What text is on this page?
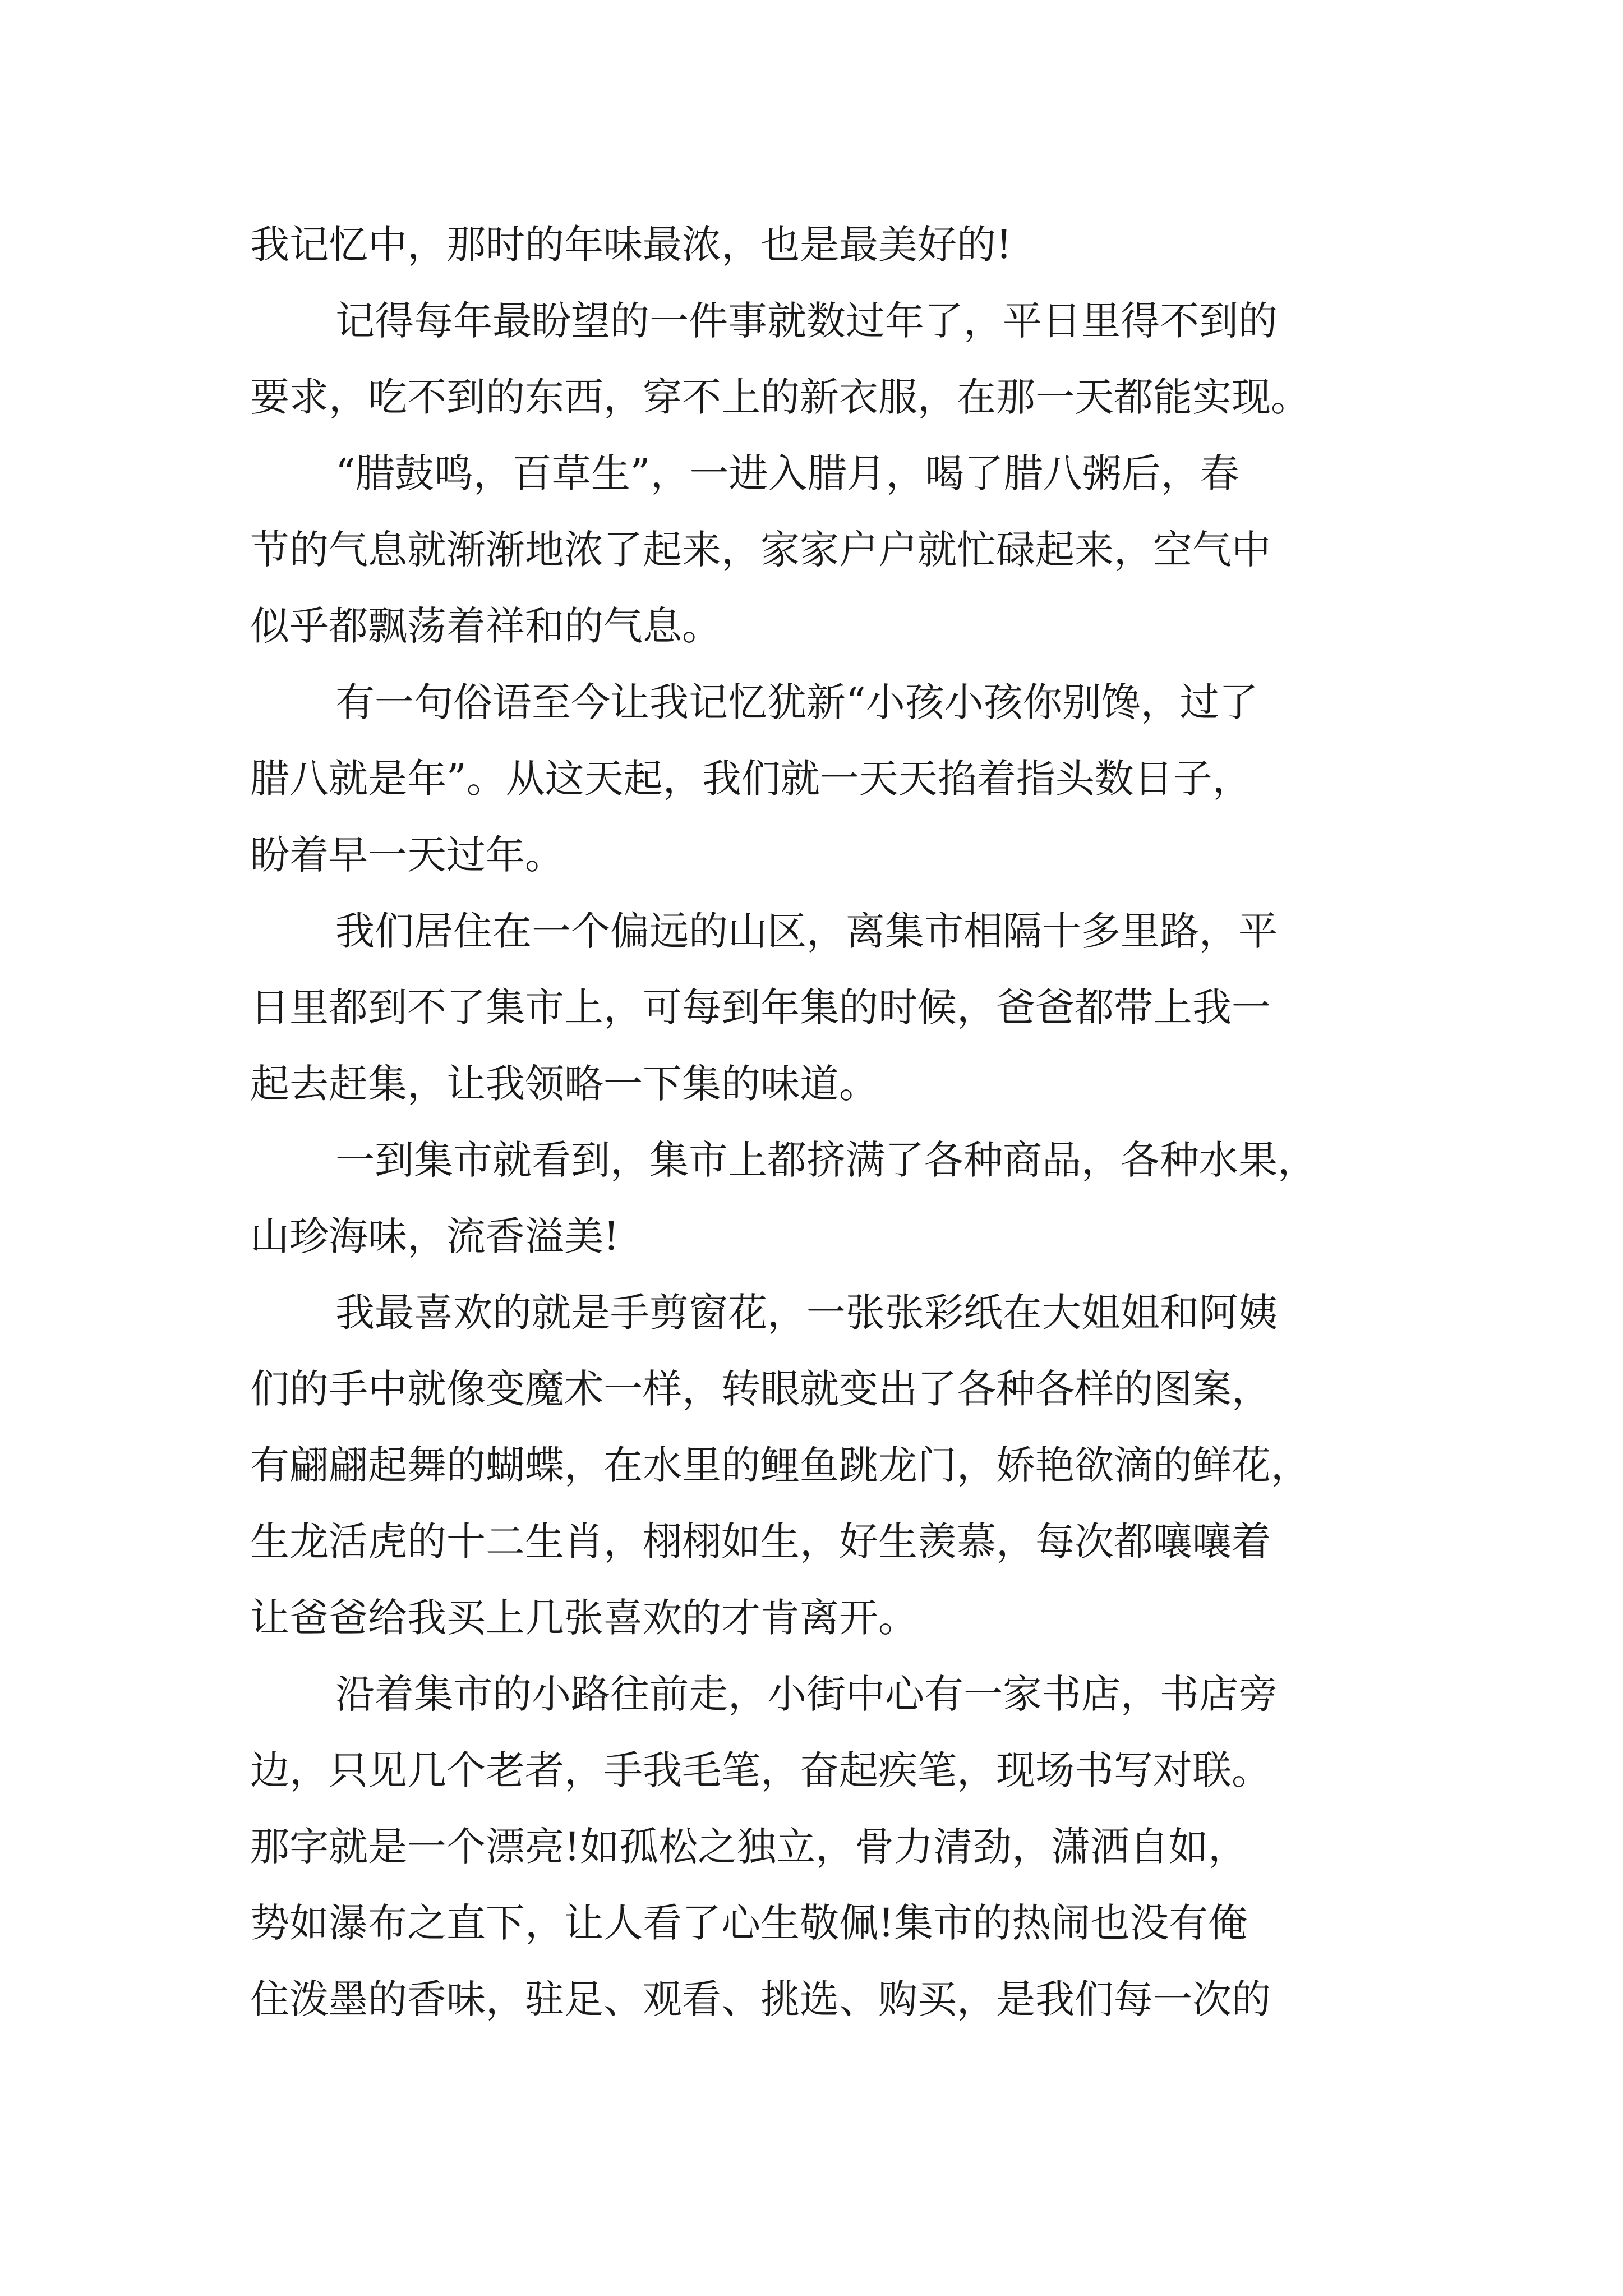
我记忆中，那时的年味最浓，也是最美好的!
记得每年最盼望的一件事就数过年了，平日里得不到的
要求，吃不到的东西，穿不上的新衣服，在那一天都能实现。
“腊鼓鸣，百草生”，一进入腊月，喝了腊八粥后，春
节的气息就渐渐地浓了起来，家家户户就忙碌起来，空气中
似乎都飘荡着祥和的气息。
有一句俗语至今让我记忆犹新“小孩小孩你别馋，过了
腊八就是年”。从这天起，我们就一天天掐着指头数日子，
盼着早一天过年。
我们居住在一个偏远的山区，离集市相隔十多里路，平
日里都到不了集市上，可每到年集的时候，爸爸都带上我一
起去赶集，让我领略一下集的味道。
一到集市就看到，集市上都挤满了各种商品，各种水果，
山珍海味，流香溢美!
我最喜欢的就是手剪窗花，一张张彩纸在大姐姐和阿姨
们的手中就像变魔术一样，转眼就变出了各种各样的图案，
有翩翩起舞的蝴蝶，在水里的鲤鱼跳龙门，娇艳欲滴的鲜花，
生龙活虎的十二生肖，栩栩如生，好生羡慕，每次都嚷嚷着
让爸爸给我买上几张喜欢的才肯离开。
沿着集市的小路往前走，小街中心有一家书店，书店旁
边，只见几个老者，手我毛笔，奋起疾笔，现场书写对联。
那字就是一个漂亮!如孤松之独立，骨力清劲，潇洒自如，
势如瀑布之直下，让人看了心生敬佩!集市的热闹也没有俺
住泼墨的香味，驻足、观看、挑选、购买，是我们每一次的
